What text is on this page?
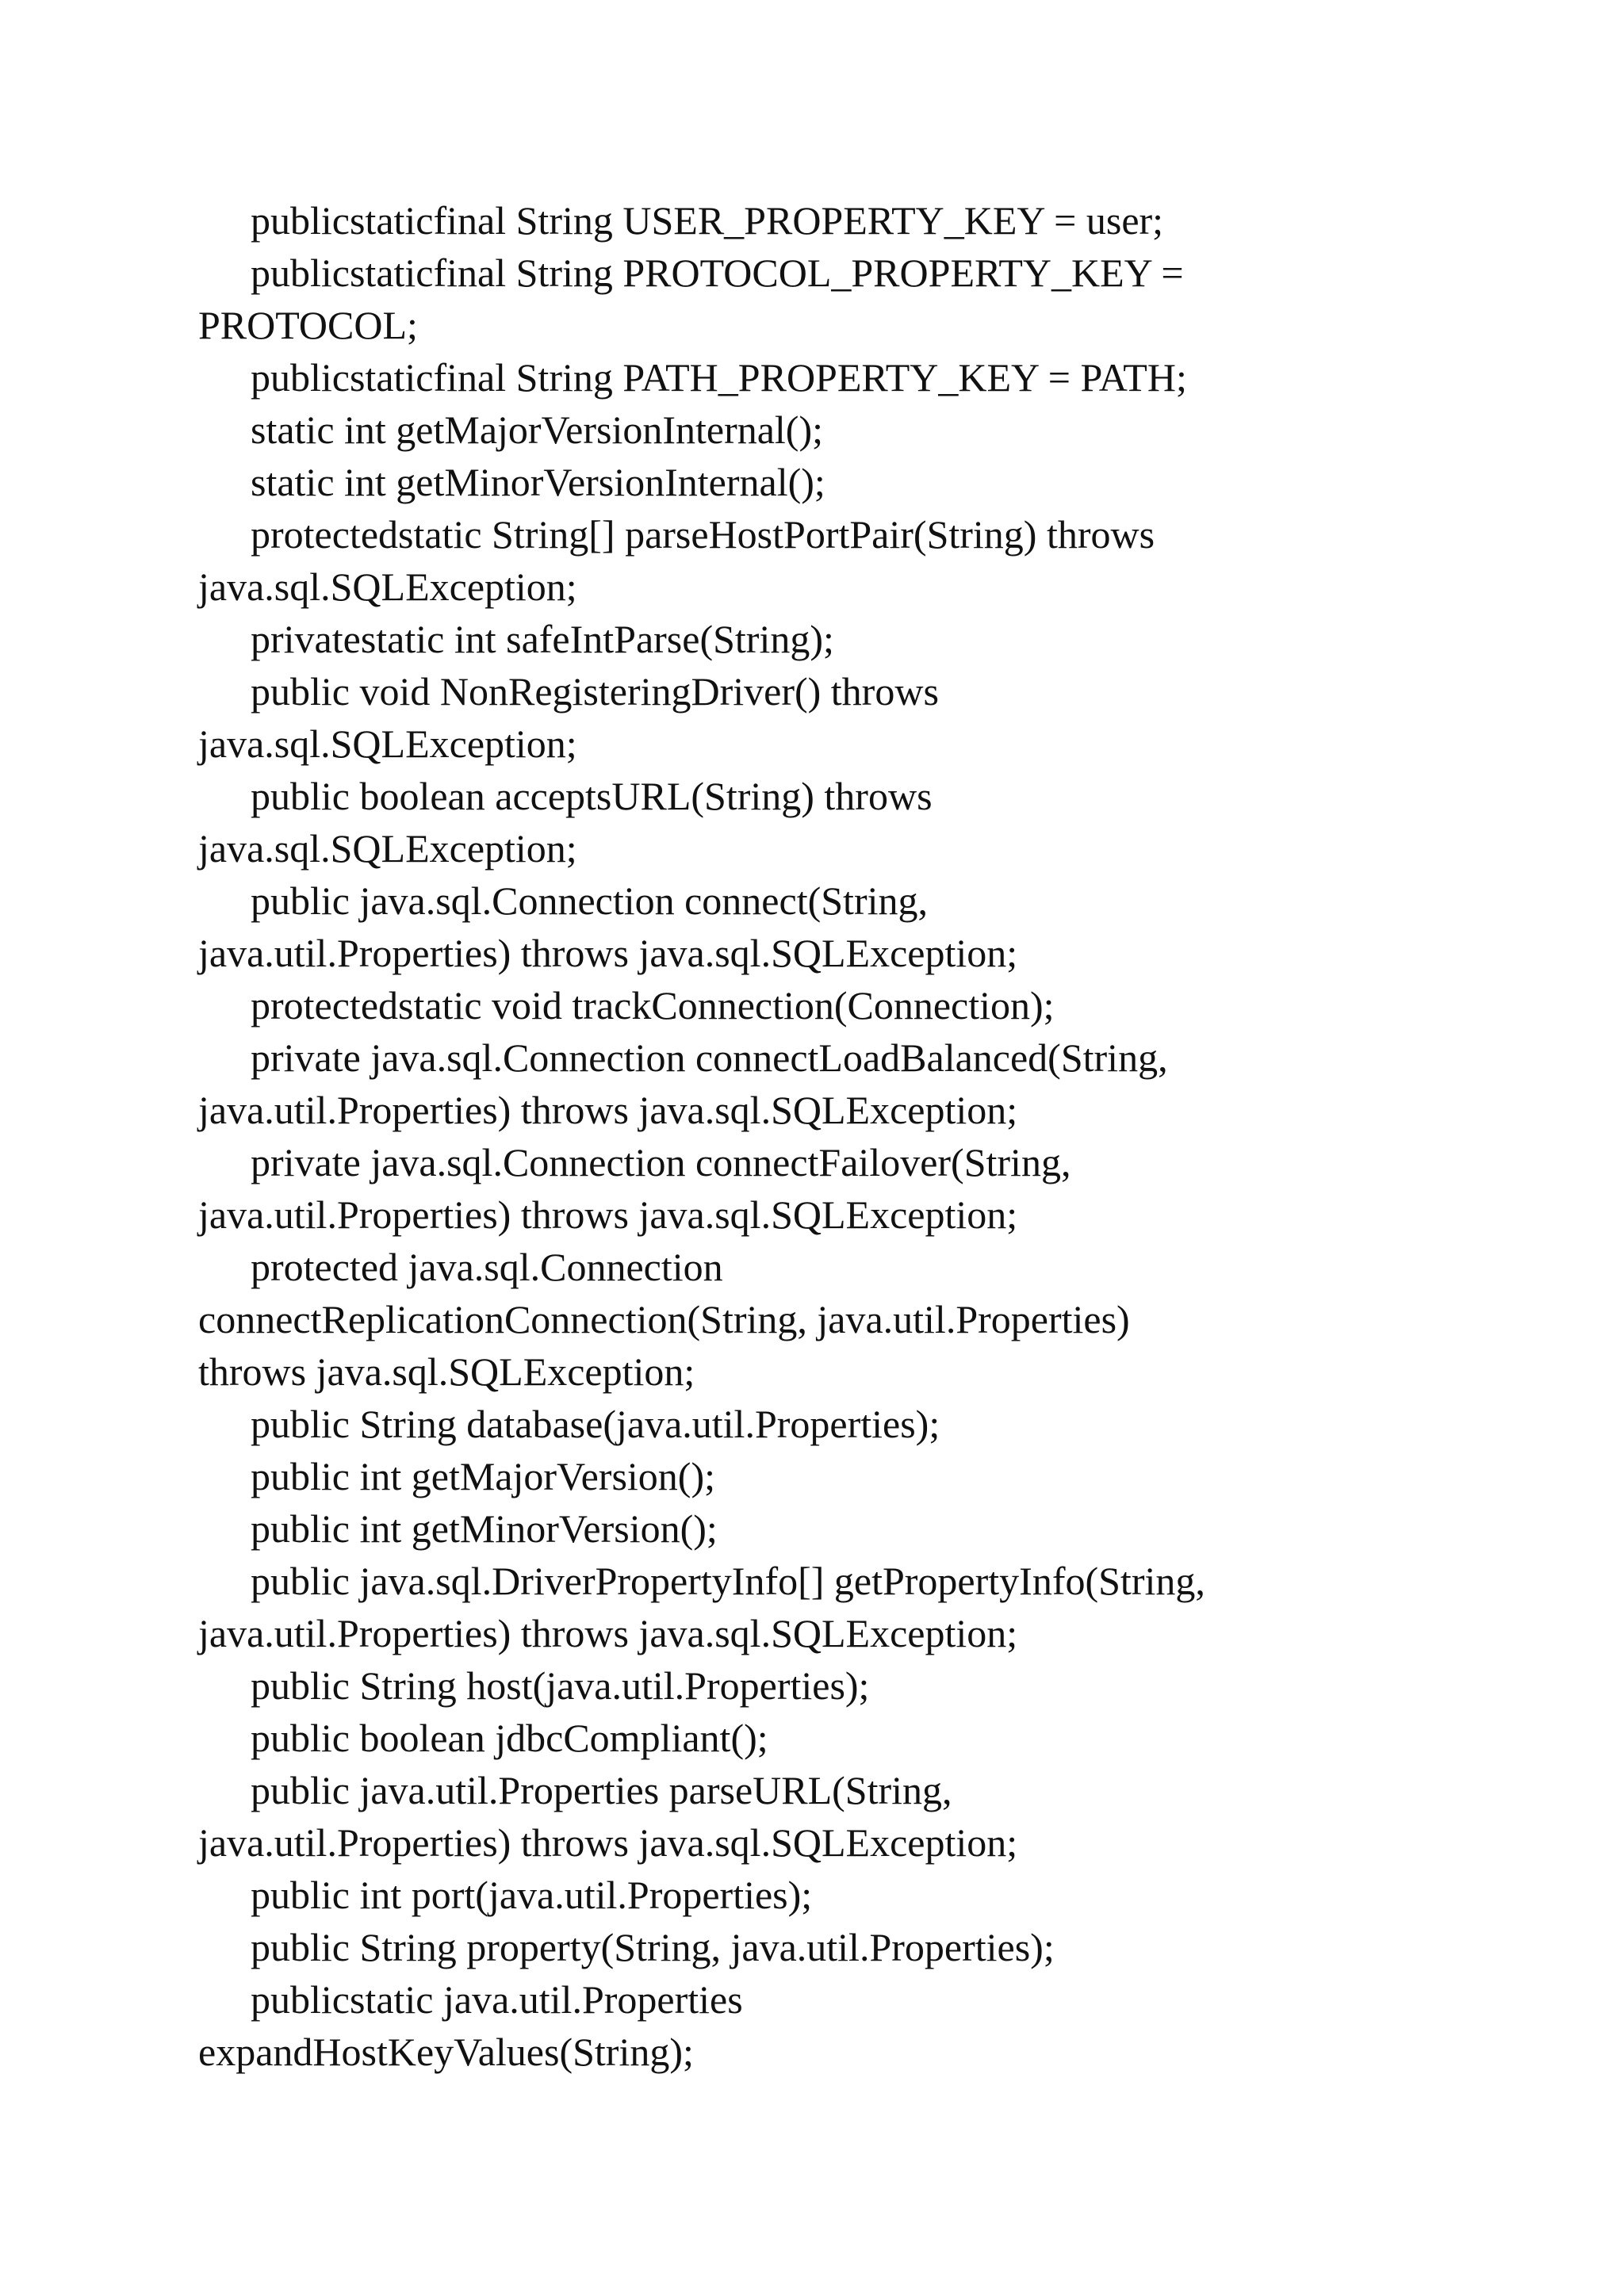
publicstaticfinal String USER_PROPERTY_KEY = user;
publicstaticfinal String PROTOCOL_PROPERTY_KEY =
PROTOCOL;
publicstaticfinal String PATH_PROPERTY_KEY = PATH;
static int getMajorVersionInternal();
static int getMinorVersionInternal();
protectedstatic String[] parseHostPortPair(String) throws
java.sql.SQLException;
privatestatic int safeIntParse(String);
public void NonRegisteringDriver() throws
java.sql.SQLException;
public boolean acceptsURL(String) throws
java.sql.SQLException;
public java.sql.Connection connect(String,
java.util.Properties) throws java.sql.SQLException;
protectedstatic void trackConnection(Connection);
private java.sql.Connection connectLoadBalanced(String,
java.util.Properties) throws java.sql.SQLException;
private java.sql.Connection connectFailover(String,
java.util.Properties) throws java.sql.SQLException;
protected java.sql.Connection
connectReplicationConnection(String, java.util.Properties)
throws java.sql.SQLException;
public String database(java.util.Properties);
public int getMajorVersion();
public int getMinorVersion();
public java.sql.DriverPropertyInfo[] getPropertyInfo(String,
java.util.Properties) throws java.sql.SQLException;
public String host(java.util.Properties);
public boolean jdbcCompliant();
public java.util.Properties parseURL(String,
java.util.Properties) throws java.sql.SQLException;
public int port(java.util.Properties);
public String property(String, java.util.Properties);
publicstatic java.util.Properties
expandHostKeyValues(String);
